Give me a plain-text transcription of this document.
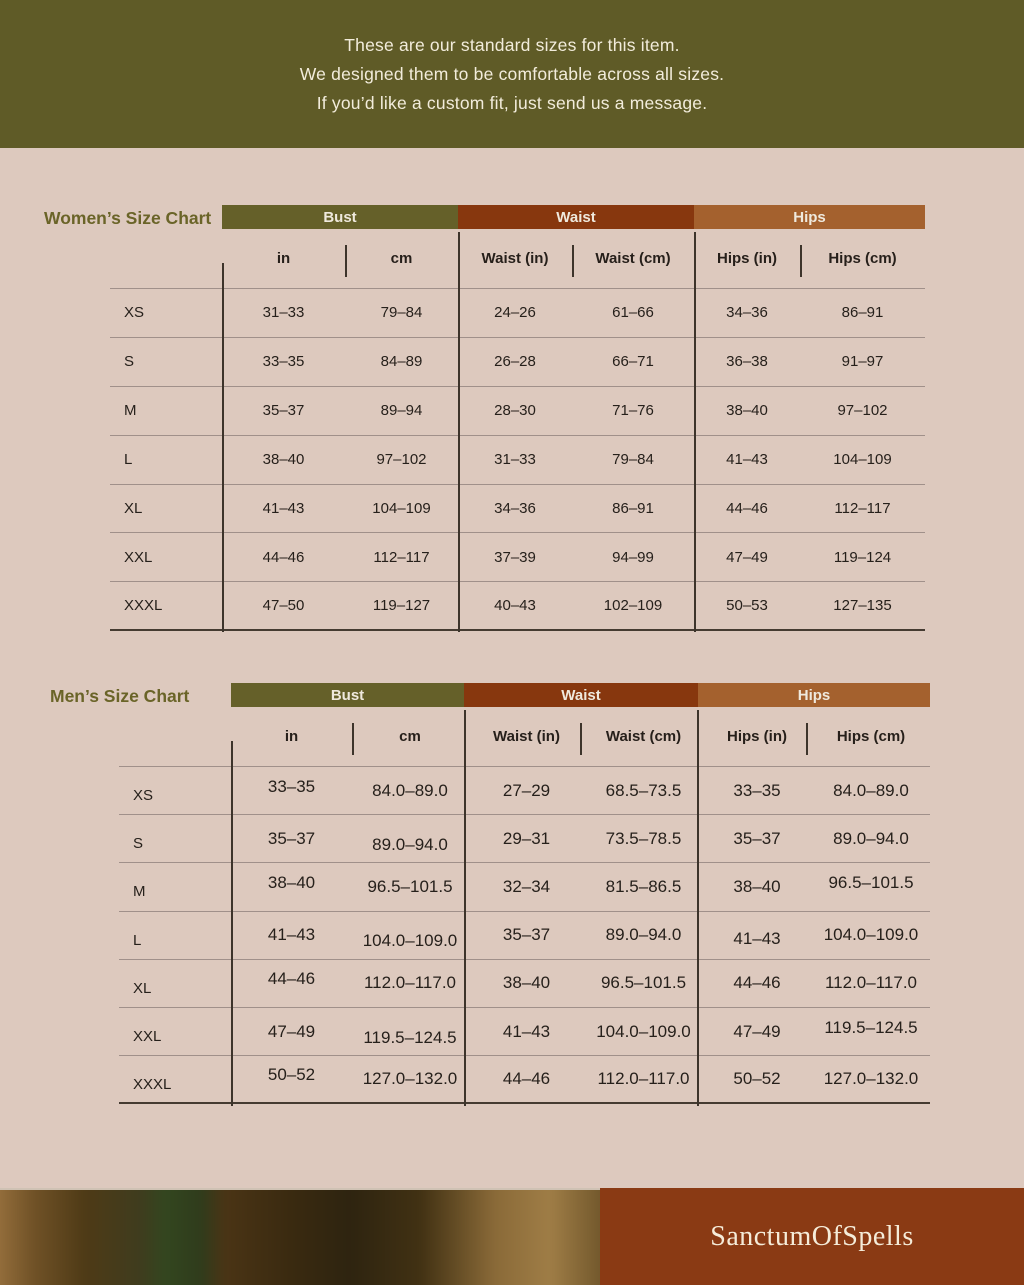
These are our standard sizes for this item.

We designed them to be comfortable across all sizes.

If you’d like a custom fit, just send us a message.

Women’s Size Chart	Bust	Waist	Hips
in	cm	Waist (in)	Waist (cm)	Hips (in)	Hips (cm)
XS	31–33	79–84	24–26	61–66	34–36	86–91
S	33–35	84–89	26–28	66–71	36–38	91–97
M	35–37	89–94	28–30	71–76	38–40	97–102
L	38–40	97–102	31–33	79–84	41–43	104–109
XL	41–43	104–109	34–36	86–91	44–46	112–117
XXL	44–46	112–117	37–39	94–99	47–49	119–124
XXXL	47–50	119–127	40–43	102–109	50–53	127–135
Men’s Size Chart	Bust	Waist	Hips
in	cm	Waist (in)	Waist (cm)	Hips (in)	Hips (cm)
XS	33–35	84.0–89.0	27–29	68.5–73.5	33–35	84.0–89.0
S	35–37	89.0–94.0	29–31	73.5–78.5	35–37	89.0–94.0
M	38–40	96.5–101.5	32–34	81.5–86.5	38–40	96.5–101.5
L	41–43	104.0–109.0	35–37	89.0–94.0	41–43	104.0–109.0
XL	44–46	112.0–117.0	38–40	96.5–101.5	44–46	112.0–117.0
XXL	47–49	119.5–124.5	41–43	104.0–109.0	47–49	119.5–124.5
XXXL	50–52	127.0–132.0	44–46	112.0–117.0	50–52	127.0–132.0
SanctumOfSpells
